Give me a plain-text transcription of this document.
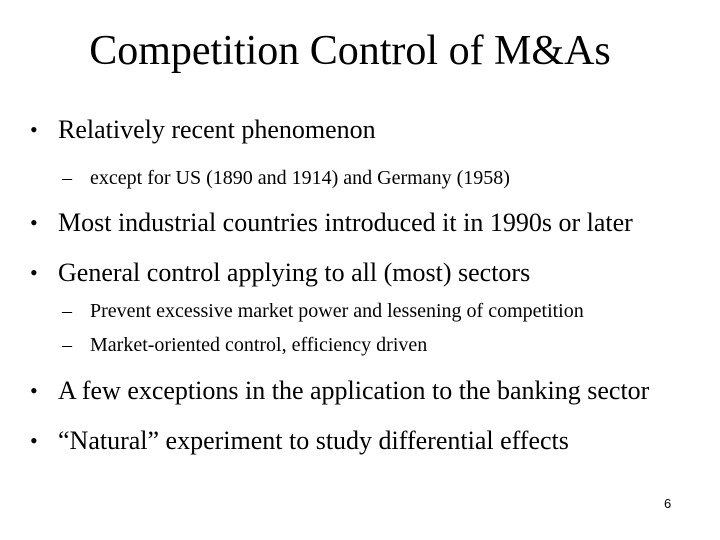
Competition Control of M&As
• Relatively recent phenomenon
– except for US (1890 and 1914) and Germany (1958)
• Most industrial countries introduced it in 1990s or later
• General control applying to all (most) sectors
– Prevent excessive market power and lessening of competition
– Market-oriented control, efficiency driven
• A few exceptions in the application to the banking sector
• “Natural” experiment to study differential effects
6
